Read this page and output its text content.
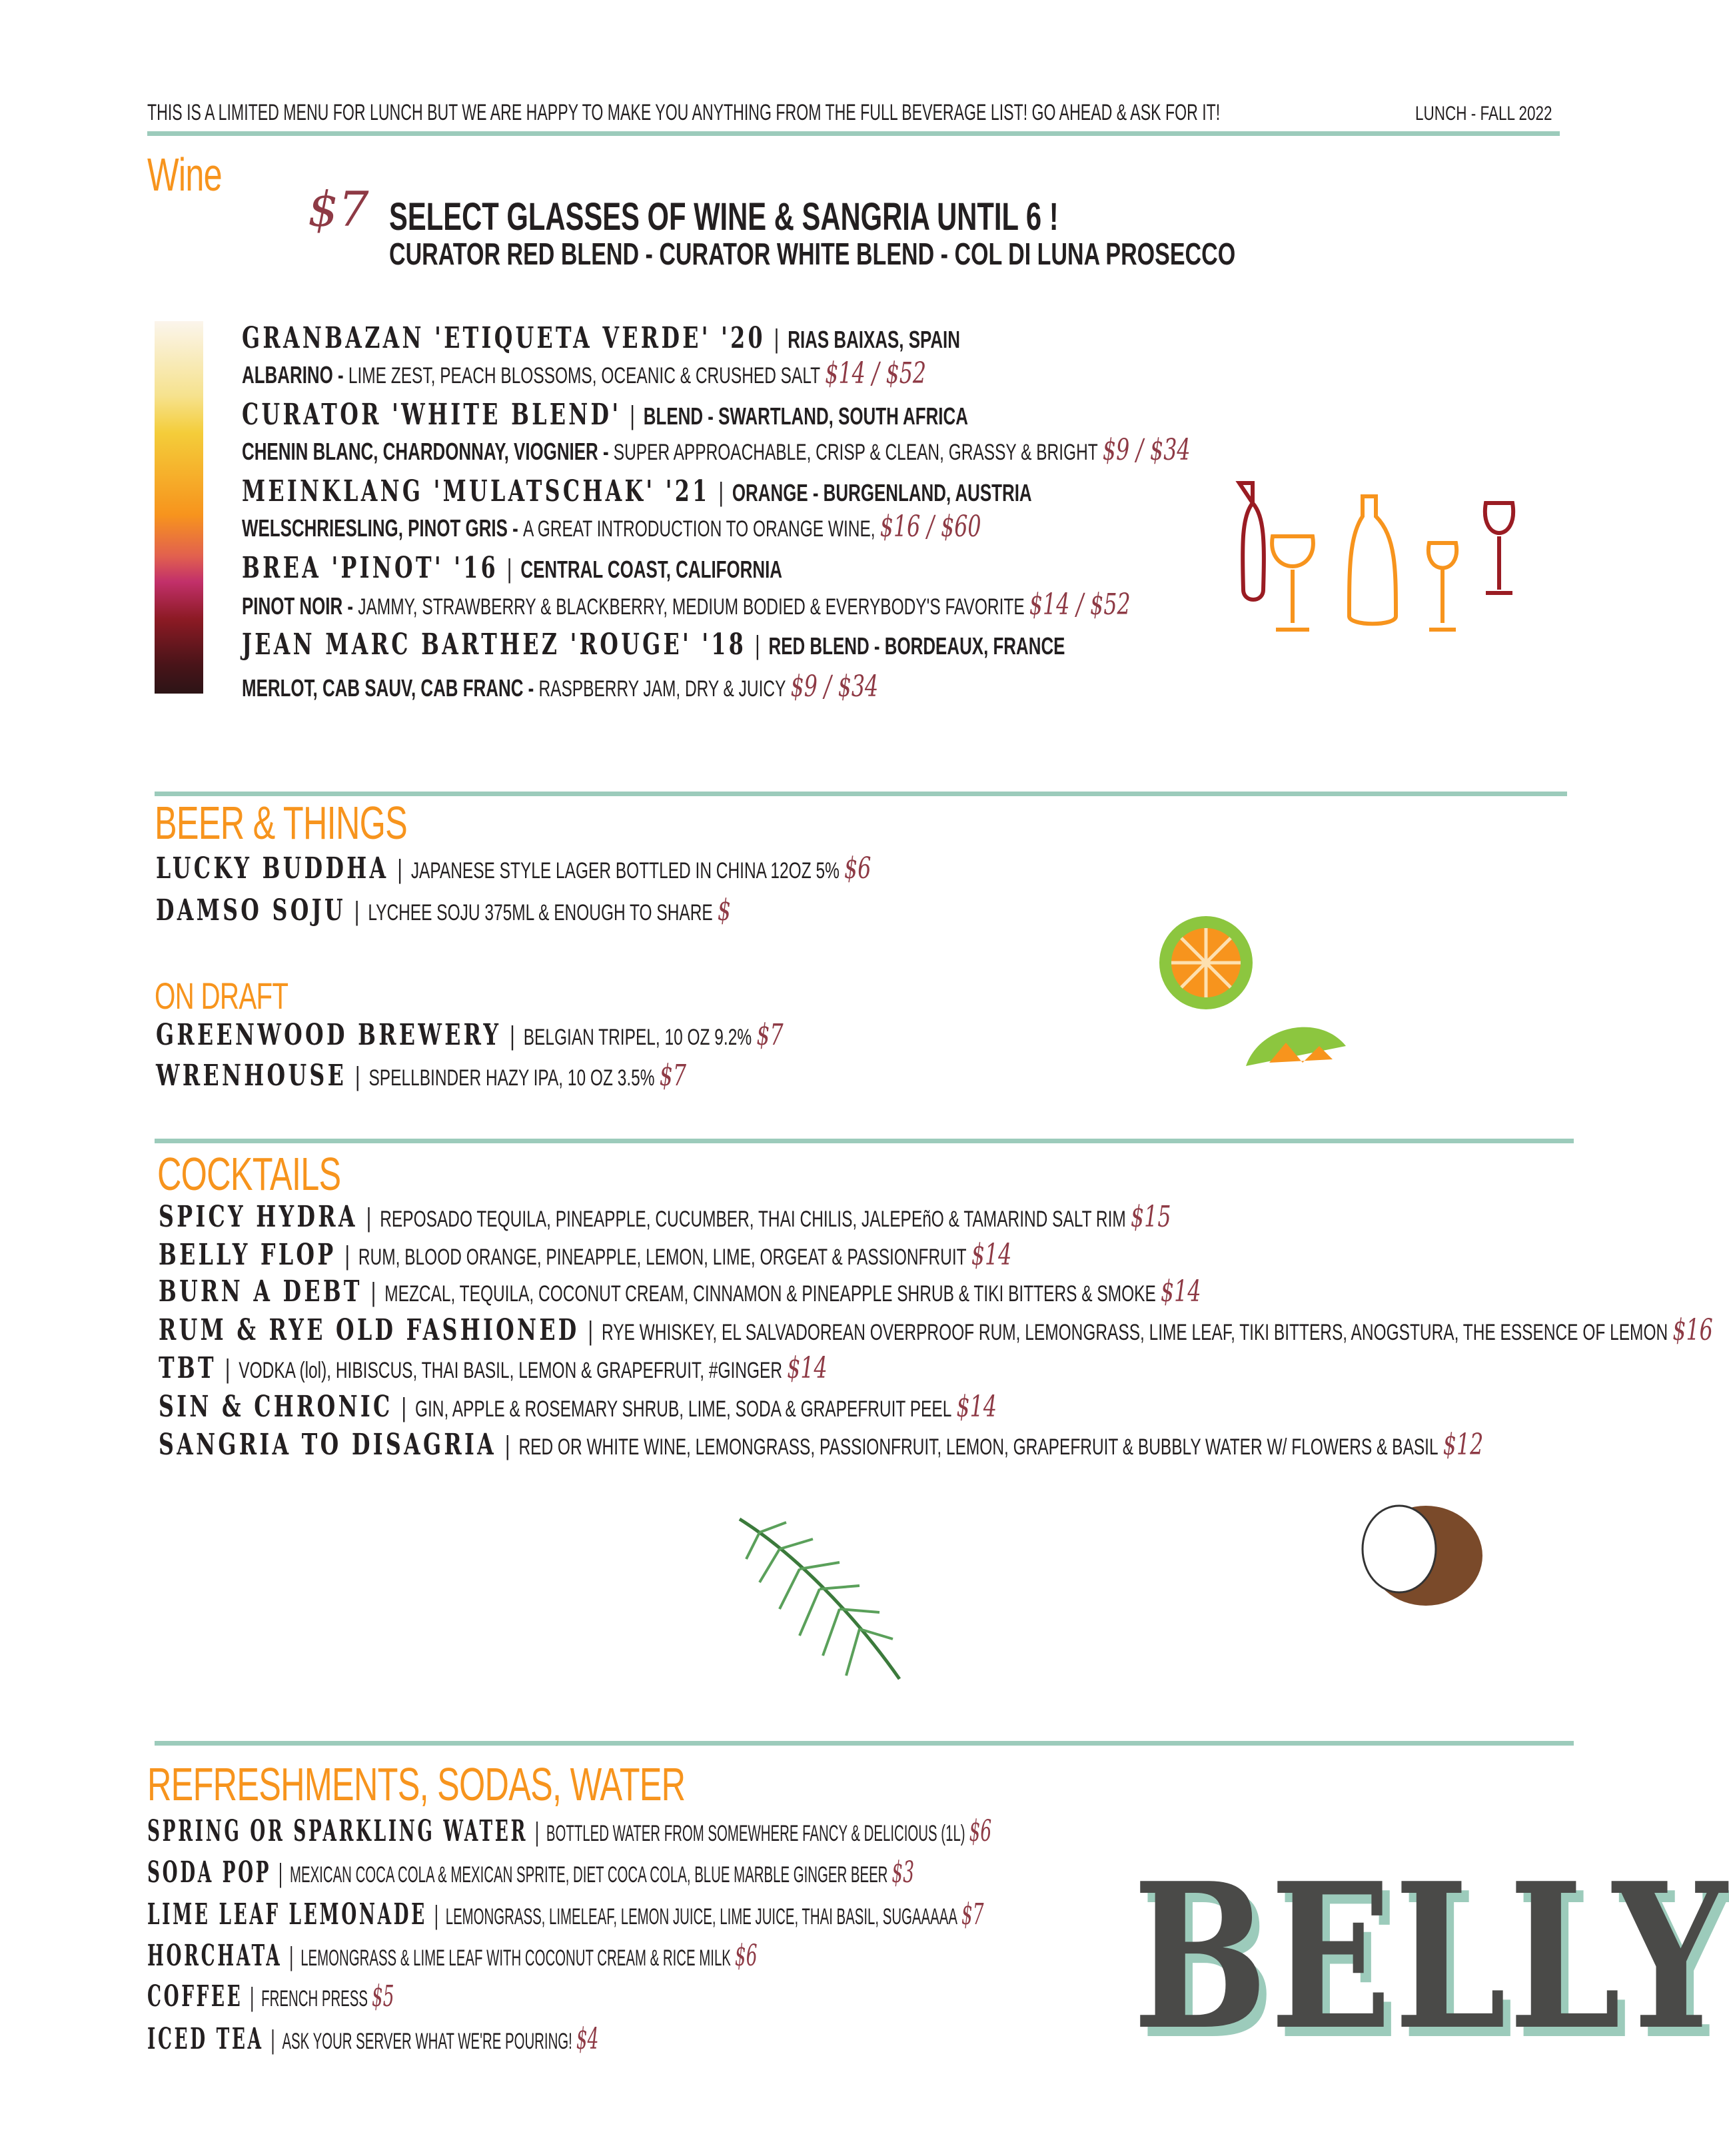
THIS IS A LIMITED MENU FOR LUNCH BUT WE ARE HAPPY TO MAKE YOU ANYTHING FROM THE FULL BEVERAGE LIST! GO AHEAD & ASK FOR IT!	LUNCH - FALL 2022
Wine
$7 SELECT GLASSES OF WINE & SANGRIA UNTIL 6 !
CURATOR RED BLEND - CURATOR WHITE BLEND - COL DI LUNA PROSECCO
GRANBAZAN 'ETIQUETA VERDE' '20 | RIAS BAIXAS, SPAIN
ALBARINO - LIME ZEST, PEACH BLOSSOMS, OCEANIC & CRUSHED SALT $14 / $52
CURATOR 'WHITE BLEND' | BLEND - SWARTLAND, SOUTH AFRICA
CHENIN BLANC, CHARDONNAY, VIOGNIER - SUPER APPROACHABLE, CRISP & CLEAN, GRASSY & BRIGHT $9 / $34
MEINKLANG 'MULATSCHAK' '21 | ORANGE - BURGENLAND, AUSTRIA
WELSCHRIESLING, PINOT GRIS - A GREAT INTRODUCTION TO ORANGE WINE, $16 / $60
BREA 'PINOT' '16 | CENTRAL COAST, CALIFORNIA
PINOT NOIR - JAMMY, STRAWBERRY & BLACKBERRY, MEDIUM BODIED & EVERYBODY'S FAVORITE $14 / $52
JEAN MARC BARTHEZ 'ROUGE' '18 | RED BLEND - BORDEAUX, FRANCE
MERLOT, CAB SAUV, CAB FRANC - RASPBERRY JAM, DRY & JUICY $9 / $34
BEER & THINGS
LUCKY BUDDHA | JAPANESE STYLE LAGER BOTTLED IN CHINA 12OZ 5% $6
DAMSO SOJU | LYCHEE SOJU 375ML & ENOUGH TO SHARE $
ON DRAFT
GREENWOOD BREWERY | BELGIAN TRIPEL, 10 OZ 9.2% $7
WRENHOUSE | SPELLBINDER HAZY IPA, 10 OZ 3.5% $7
COCKTAILS
SPICY HYDRA | REPOSADO TEQUILA, PINEAPPLE, CUCUMBER, THAI CHILIS, JALEPEñO & TAMARIND SALT RIM $15
BELLY FLOP | RUM, BLOOD ORANGE, PINEAPPLE, LEMON, LIME, ORGEAT & PASSIONFRUIT $14
BURN A DEBT | MEZCAL, TEQUILA, COCONUT CREAM, CINNAMON & PINEAPPLE SHRUB & TIKI BITTERS & SMOKE $14
RUM & RYE OLD FASHIONED | RYE WHISKEY, EL SALVADOREAN OVERPROOF RUM, LEMONGRASS, LIME LEAF, TIKI BITTERS, ANOGSTURA, THE ESSENCE OF LEMON $16
TBT | VODKA (lol), HIBISCUS, THAI BASIL, LEMON & GRAPEFRUIT, #GINGER $14
SIN & CHRONIC | GIN, APPLE & ROSEMARY SHRUB, LIME, SODA & GRAPEFRUIT PEEL $14
SANGRIA TO DISAGRIA | RED OR WHITE WINE, LEMONGRASS, PASSIONFRUIT, LEMON, GRAPEFRUIT & BUBBLY WATER W/ FLOWERS & BASIL $12
REFRESHMENTS, SODAS, WATER
SPRING OR SPARKLING WATER | BOTTLED WATER FROM SOMEWHERE FANCY & DELICIOUS (1L) $6
SODA POP | MEXICAN COCA COLA & MEXICAN SPRITE, DIET COCA COLA, BLUE MARBLE GINGER BEER $3
LIME LEAF LEMONADE | LEMONGRASS, LIMELEAF, LEMON JUICE, LIME JUICE, THAI BASIL, SUGAAAAA $7
HORCHATA | LEMONGRASS & LIME LEAF WITH COCONUT CREAM & RICE MILK $6
COFFEE | FRENCH PRESS $5
ICED TEA | ASK YOUR SERVER WHAT WE'RE POURING! $4	BELLY
